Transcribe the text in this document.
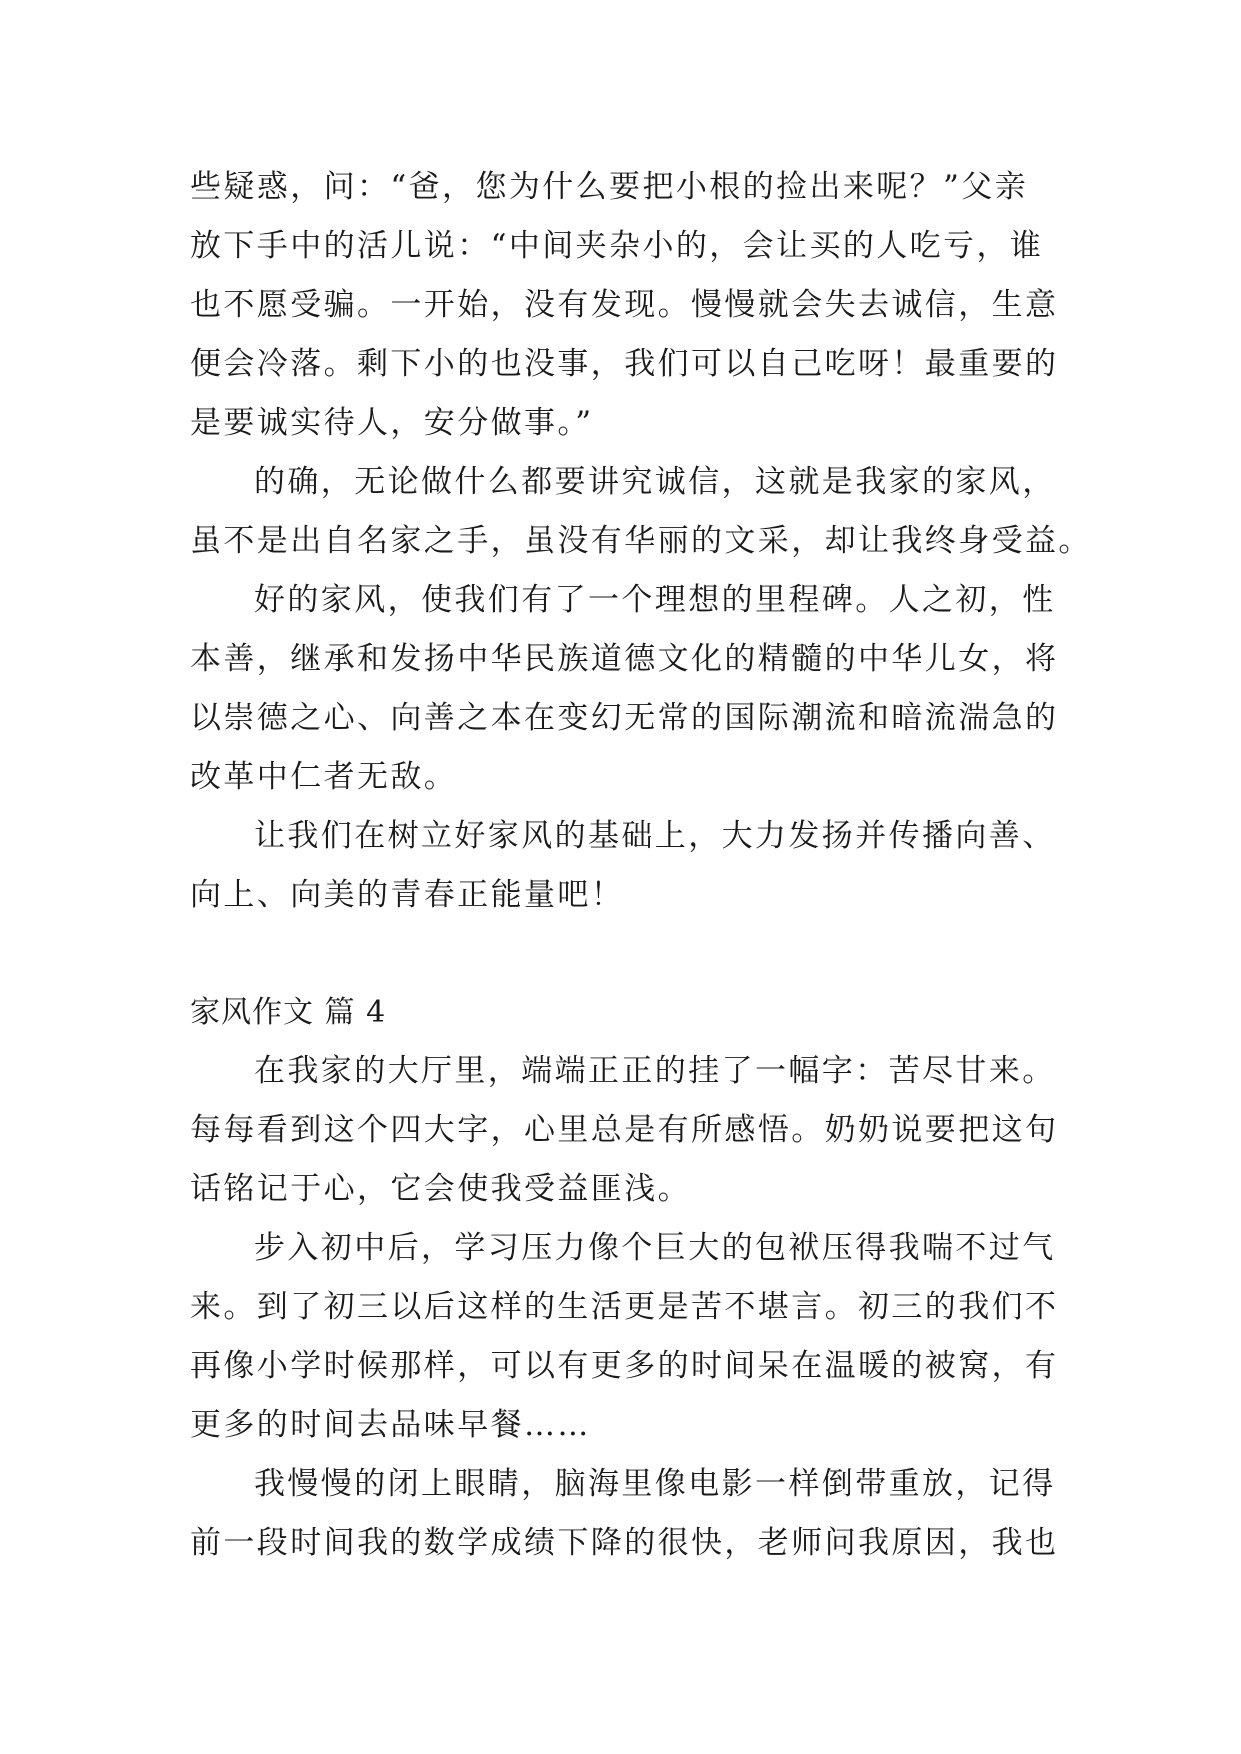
些疑惑，问：“爸，您为什么要把小根的捡出来呢？”父亲
放下手中的活儿说：“中间夹杂小的，会让买的人吃亏，谁
也不愿受骗。一开始，没有发现。慢慢就会失去诚信，生意
便会冷落。剩下小的也没事，我们可以自己吃呀！最重要的
是要诚实待人，安分做事。”
的确，无论做什么都要讲究诚信，这就是我家的家风，
虽不是出自名家之手，虽没有华丽的文采，却让我终身受益。
好的家风，使我们有了一个理想的里程碑。人之初，性
本善，继承和发扬中华民族道德文化的精髓的中华儿女，将
以崇德之心、向善之本在变幻无常的国际潮流和暗流湍急的
改革中仁者无敌。
让我们在树立好家风的基础上，大力发扬并传播向善、
向上、向美的青春正能量吧！
家风作文 篇 4
在我家的大厅里，端端正正的挂了一幅字：苦尽甘来。
每每看到这个四大字，心里总是有所感悟。奶奶说要把这句
话铭记于心，它会使我受益匪浅。
步入初中后，学习压力像个巨大的包袱压得我喘不过气
来。到了初三以后这样的生活更是苦不堪言。初三的我们不
再像小学时候那样，可以有更多的时间呆在温暖的被窝，有
更多的时间去品味早餐……
我慢慢的闭上眼睛，脑海里像电影一样倒带重放，记得
前一段时间我的数学成绩下降的很快，老师问我原因，我也
